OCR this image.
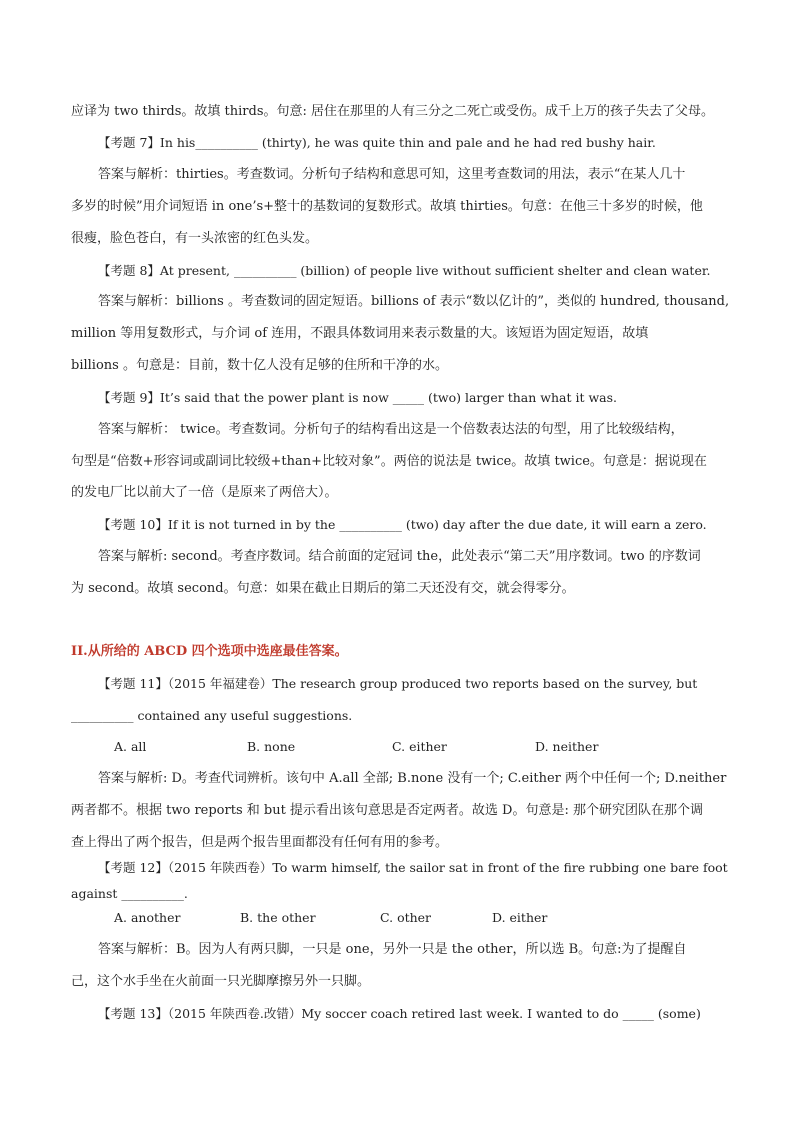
应译为 two thirds。故填 thirds。句意: 居住在那里的人有三分之二死亡或受伤。成千上万的孩子失去了父母。
【考题 7】In his__________ (thirty), he was quite thin and pale and he had red bushy hair.
答案与解析：thirties。考查数词。分析句子结构和意思可知，这里考查数词的用法，表示“在某人几十
多岁的时候”用介词短语 in one’s+整十的基数词的复数形式。故填 thirties。句意：在他三十多岁的时候，他
很瘦，脸色苍白，有一头浓密的红色头发。
【考题 8】At present, __________ (billion) of people live without sufficient shelter and clean water.
答案与解析：billions 。考查数词的固定短语。billions of 表示“数以亿计的”，类似的 hundred, thousand,
million 等用复数形式，与介词 of 连用，不跟具体数词用来表示数量的大。该短语为固定短语，故填
billions 。句意是：目前，数十亿人没有足够的住所和干净的水。
【考题 9】It’s said that the power plant is now _____ (two) larger than what it was.
答案与解析： twice。考查数词。分析句子的结构看出这是一个倍数表达法的句型，用了比较级结构，
句型是“倍数+形容词或副词比较级+than+比较对象”。两倍的说法是 twice。故填 twice。句意是：据说现在
的发电厂比以前大了一倍（是原来了两倍大）。
【考题 10】If it is not turned in by the __________ (two) day after the due date, it will earn a zero.
答案与解析: second。考查序数词。结合前面的定冠词 the，此处表示“第二天”用序数词。two 的序数词
为 second。故填 second。句意：如果在截止日期后的第二天还没有交，就会得零分。
II.从所给的 ABCD 四个选项中选座最佳答案。
【考题 11】（2015 年福建卷）The research group produced two reports based on the survey, but
__________ contained any useful suggestions.
A. all	B. none	C. either	D. neither
答案与解析: D。考查代词辨析。该句中 A.all 全部; B.none 没有一个; C.either 两个中任何一个; D.neither
两者都不。根据 two reports 和 but 提示看出该句意思是否定两者。故选 D。句意是: 那个研究团队在那个调
查上得出了两个报告，但是两个报告里面都没有任何有用的参考。
【考题 12】（2015 年陕西卷）To warm himself, the sailor sat in front of the fire rubbing one bare foot
against __________.
A. another	B. the other	C. other	D. either
答案与解析：B。因为人有两只脚，一只是 one，另外一只是 the other，所以选 B。句意:为了提醒自
己，这个水手坐在火前面一只光脚摩擦另外一只脚。
【考题 13】（2015 年陕西卷.改错）My soccer coach retired last week. I wanted to do _____ (some)
